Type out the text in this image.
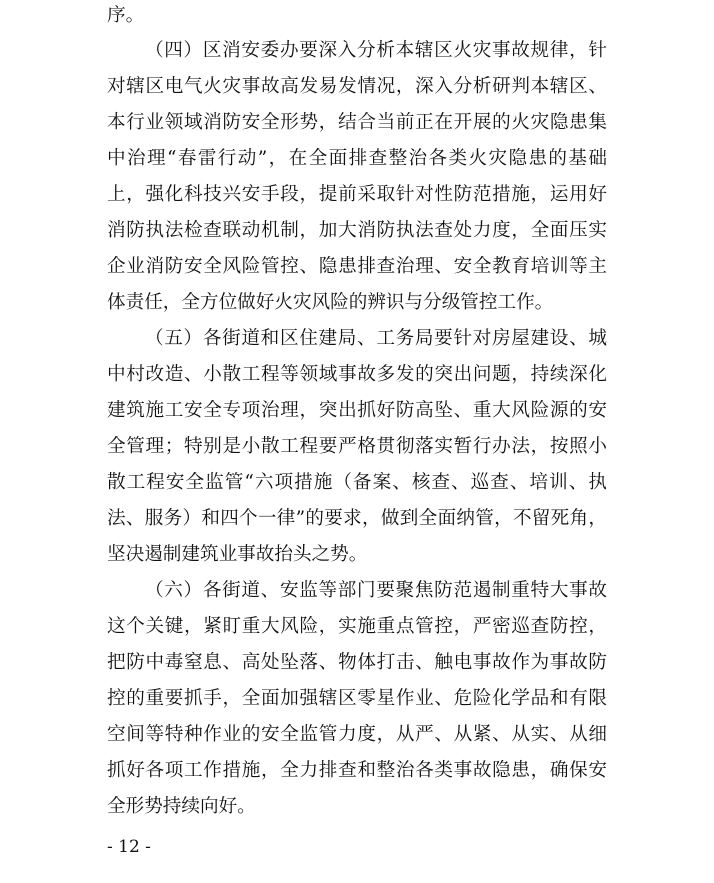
序。
（四）区消安委办要深入分析本辖区火灾事故规律，针
对辖区电气火灾事故高发易发情况，深入分析研判本辖区、
本行业领域消防安全形势，结合当前正在开展的火灾隐患集
中治理“春雷行动”，在全面排查整治各类火灾隐患的基础
上，强化科技兴安手段，提前采取针对性防范措施，运用好
消防执法检查联动机制，加大消防执法查处力度，全面压实
企业消防安全风险管控、隐患排查治理、安全教育培训等主
体责任，全方位做好火灾风险的辨识与分级管控工作。
（五）各街道和区住建局、工务局要针对房屋建设、城
中村改造、小散工程等领域事故多发的突出问题，持续深化
建筑施工安全专项治理，突出抓好防高坠、重大风险源的安
全管理；特别是小散工程要严格贯彻落实暂行办法，按照小
散工程安全监管“六项措施（备案、核查、巡查、培训、执
法、服务）和四个一律”的要求，做到全面纳管，不留死角，
坚决遏制建筑业事故抬头之势。
（六）各街道、安监等部门要聚焦防范遏制重特大事故
这个关键，紧盯重大风险，实施重点管控，严密巡查防控，
把防中毒窒息、高处坠落、物体打击、触电事故作为事故防
控的重要抓手，全面加强辖区零星作业、危险化学品和有限
空间等特种作业的安全监管力度，从严、从紧、从实、从细
抓好各项工作措施，全力排查和整治各类事故隐患，确保安
全形势持续向好。
- 12 -
